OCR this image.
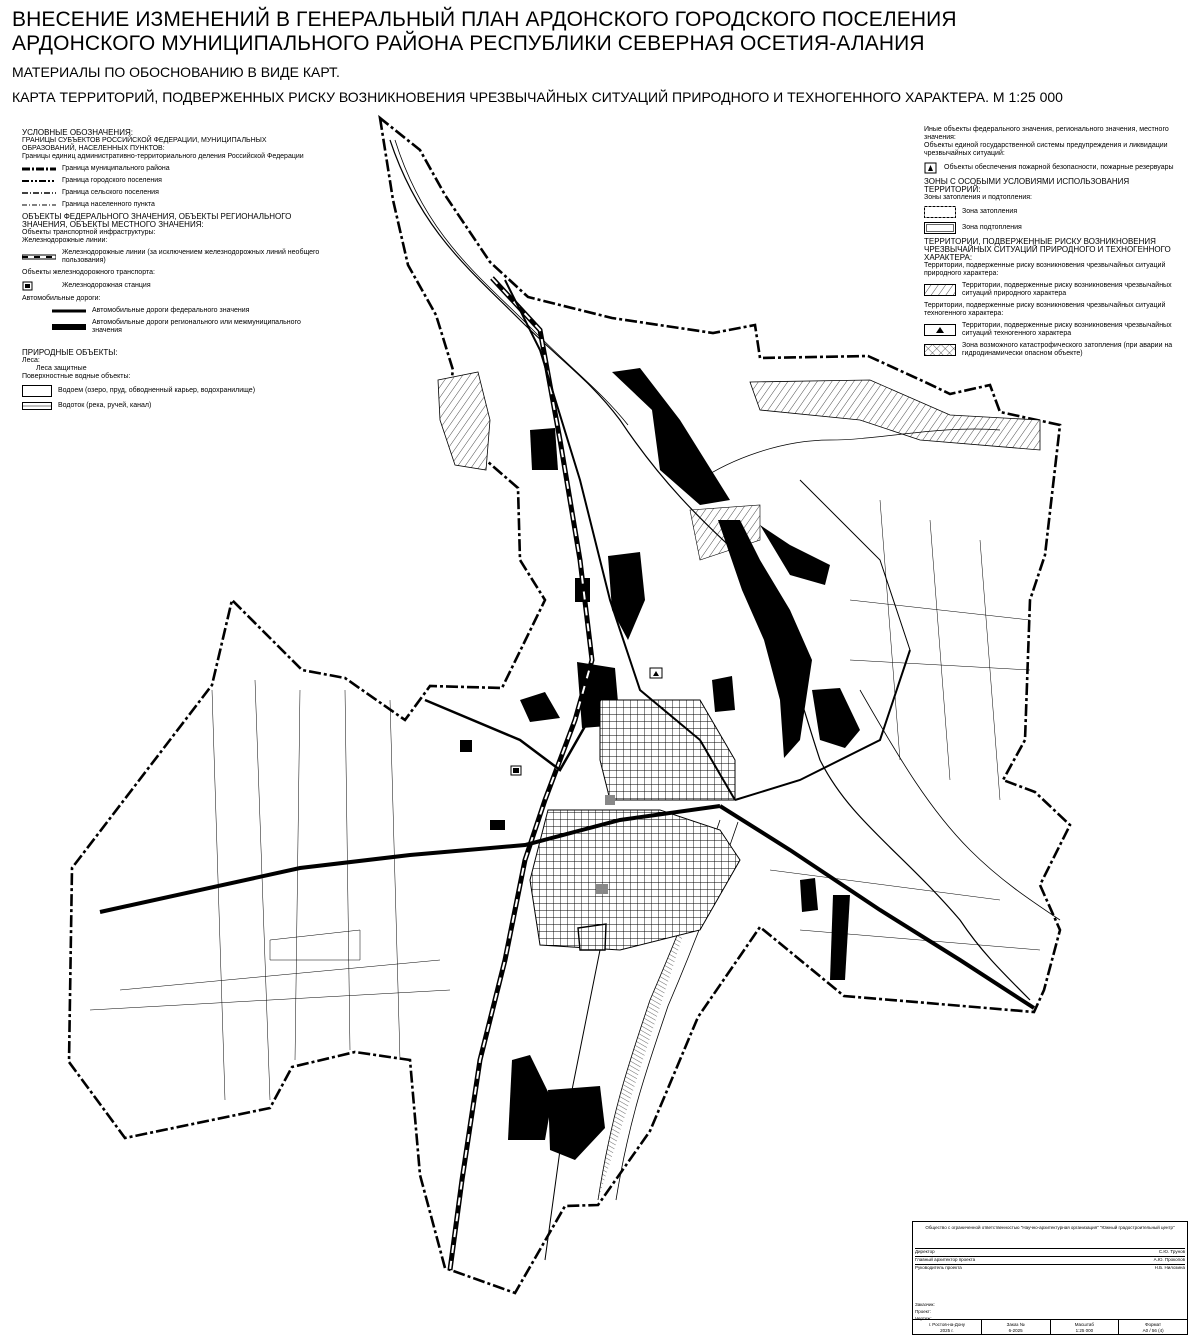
ВНЕСЕНИЕ ИЗМЕНЕНИЙ В ГЕНЕРАЛЬНЫЙ ПЛАН АРДОНСКОГО ГОРОДСКОГО ПОСЕЛЕНИЯ
АРДОНСКОГО МУНИЦИПАЛЬНОГО РАЙОНА РЕСПУБЛИКИ СЕВЕРНАЯ ОСЕТИЯ-АЛАНИЯ
МАТЕРИАЛЫ ПО ОБОСНОВАНИЮ В ВИДЕ КАРТ.
КАРТА ТЕРРИТОРИЙ, ПОДВЕРЖЕННЫХ РИСКУ ВОЗНИКНОВЕНИЯ ЧРЕЗВЫЧАЙНЫХ СИТУАЦИЙ ПРИРОДНОГО И ТЕХНОГЕННОГО ХАРАКТЕРА. М 1:25 000
УСЛОВНЫЕ ОБОЗНАЧЕНИЯ:
ГРАНИЦЫ СУБЪЕКТОВ РОССИЙСКОЙ ФЕДЕРАЦИИ, МУНИЦИПАЛЬНЫХ ОБРАЗОВАНИЙ, НАСЕЛЕННЫХ ПУНКТОВ:
Границы единиц административно-территориального деления Российской Федерации
Граница муниципального района
Граница городского поселения
Граница сельского поселения
Граница населенного пункта
ОБЪЕКТЫ ФЕДЕРАЛЬНОГО ЗНАЧЕНИЯ, ОБЪЕКТЫ РЕГИОНАЛЬНОГО ЗНАЧЕНИЯ, ОБЪЕКТЫ МЕСТНОГО ЗНАЧЕНИЯ:
Объекты транспортной инфраструктуры:
Железнодорожные линии:
Железнодорожные линии (за исключением железнодорожных линий необщего пользования)
Объекты железнодорожного транспорта:
Железнодорожная станция
Автомобильные дороги:
Автомобильные дороги федерального значения
Автомобильные дороги регионального или межмуниципального значения
ПРИРОДНЫЕ ОБЪЕКТЫ:
Леса:
Леса защитные
Поверхностные водные объекты:
Водоем (озеро, пруд, обводненный карьер, водохранилище)
Водоток (река, ручей, канал)
Иные объекты федерального значения, регионального значения, местного значения:
Объекты единой государственной системы предупреждения и ликвидации чрезвычайных ситуаций:
Объекты обеспечения пожарной безопасности, пожарные резервуары
ЗОНЫ С ОСОБЫМИ УСЛОВИЯМИ ИСПОЛЬЗОВАНИЯ ТЕРРИТОРИЙ:
Зоны затопления и подтопления:
Зона затопления
Зона подтопления
ТЕРРИТОРИИ, ПОДВЕРЖЕННЫЕ РИСКУ ВОЗНИКНОВЕНИЯ ЧРЕЗВЫЧАЙНЫХ СИТУАЦИЙ ПРИРОДНОГО И ТЕХНОГЕННОГО ХАРАКТЕРА:
Территории, подверженные риску возникновения чрезвычайных ситуаций природного характера:
Территории, подверженные риску возникновения чрезвычайных ситуаций природного характера
Территории, подверженные риску возникновения чрезвычайных ситуаций техногенного характера:
Территории, подверженные риску возникновения чрезвычайных ситуаций техногенного характера
Зона возможного катастрофического затопления (при аварии на гидродинамически опасном объекте)
Общество с ограниченной ответственностью "Научно-архитектурная организация" "Южный градостроительный центр"
Директор	С.Ю. Трунов
Главный архитектор проекта	А.Ю. Прокопов
Руководитель проекта	Н.Б. Нилозина
Заказчик:
Проект:
Чертеж:
г. Ростов-на-Дону
2025 г.
Заказ №
6-2025
Масштаб
1:25 000
Формат
А0 / 56 (4)
